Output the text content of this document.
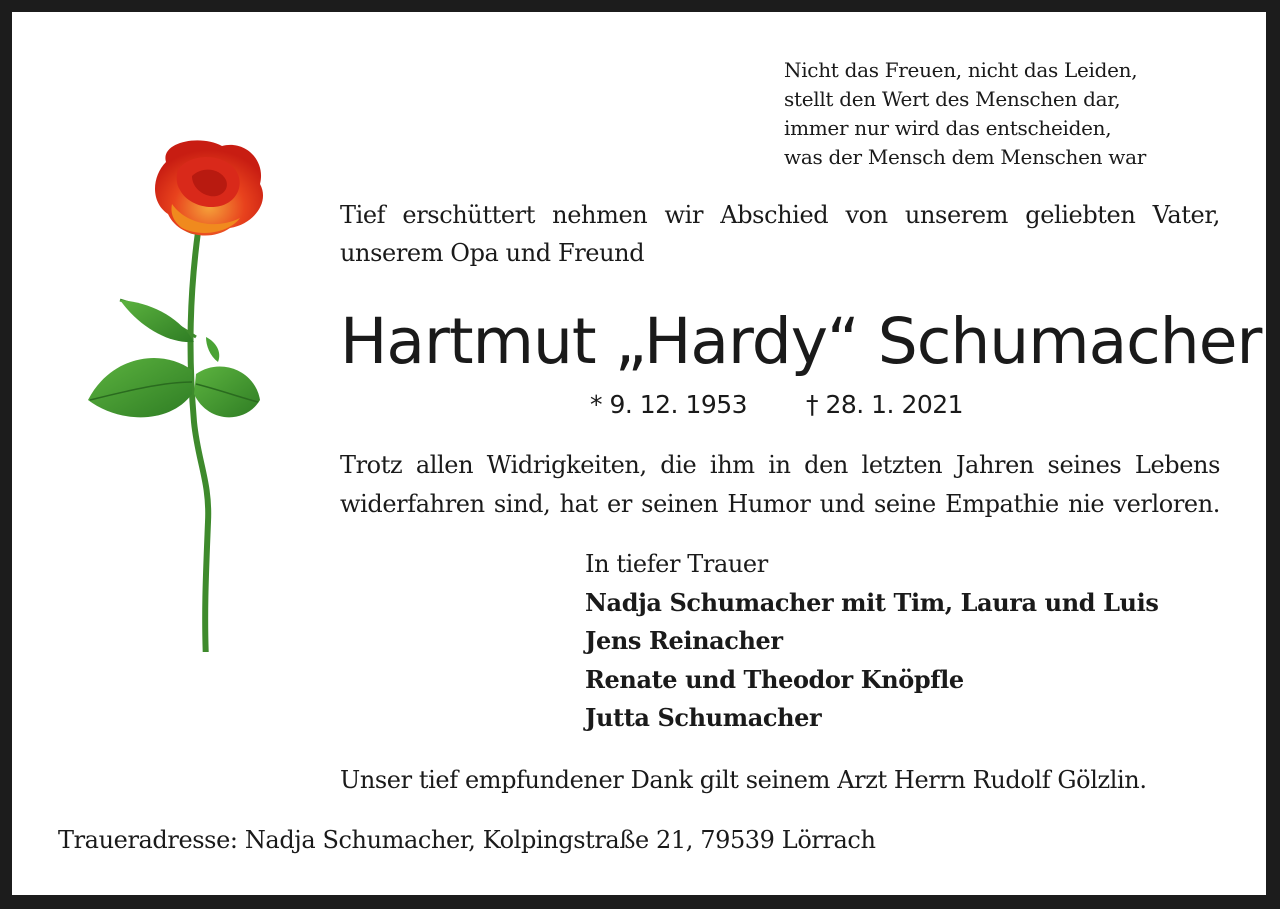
Nicht das Freuen, nicht das Leiden,
stellt den Wert des Menschen dar,
immer nur wird das entscheiden,
was der Mensch dem Menschen war
Tief erschüttert nehmen wir Abschied von unserem geliebten Vater, unserem Opa und Freund
Hartmut „Hardy“ Schumacher
* 9. 12. 1953 † 28. 1. 2021
Trotz allen Widrigkeiten, die ihm in den letzten Jahren seines Lebens widerfahren sind, hat er seinen Humor und seine Empathie nie verloren.
In tiefer Trauer
Nadja Schumacher mit Tim, Laura und Luis
Jens Reinacher
Renate und Theodor Knöpfle
Jutta Schumacher
Unser tief empfundener Dank gilt seinem Arzt Herrn Rudolf Gölzlin.
Traueradresse: Nadja Schumacher, Kolpingstraße 21, 79539 Lörrach
